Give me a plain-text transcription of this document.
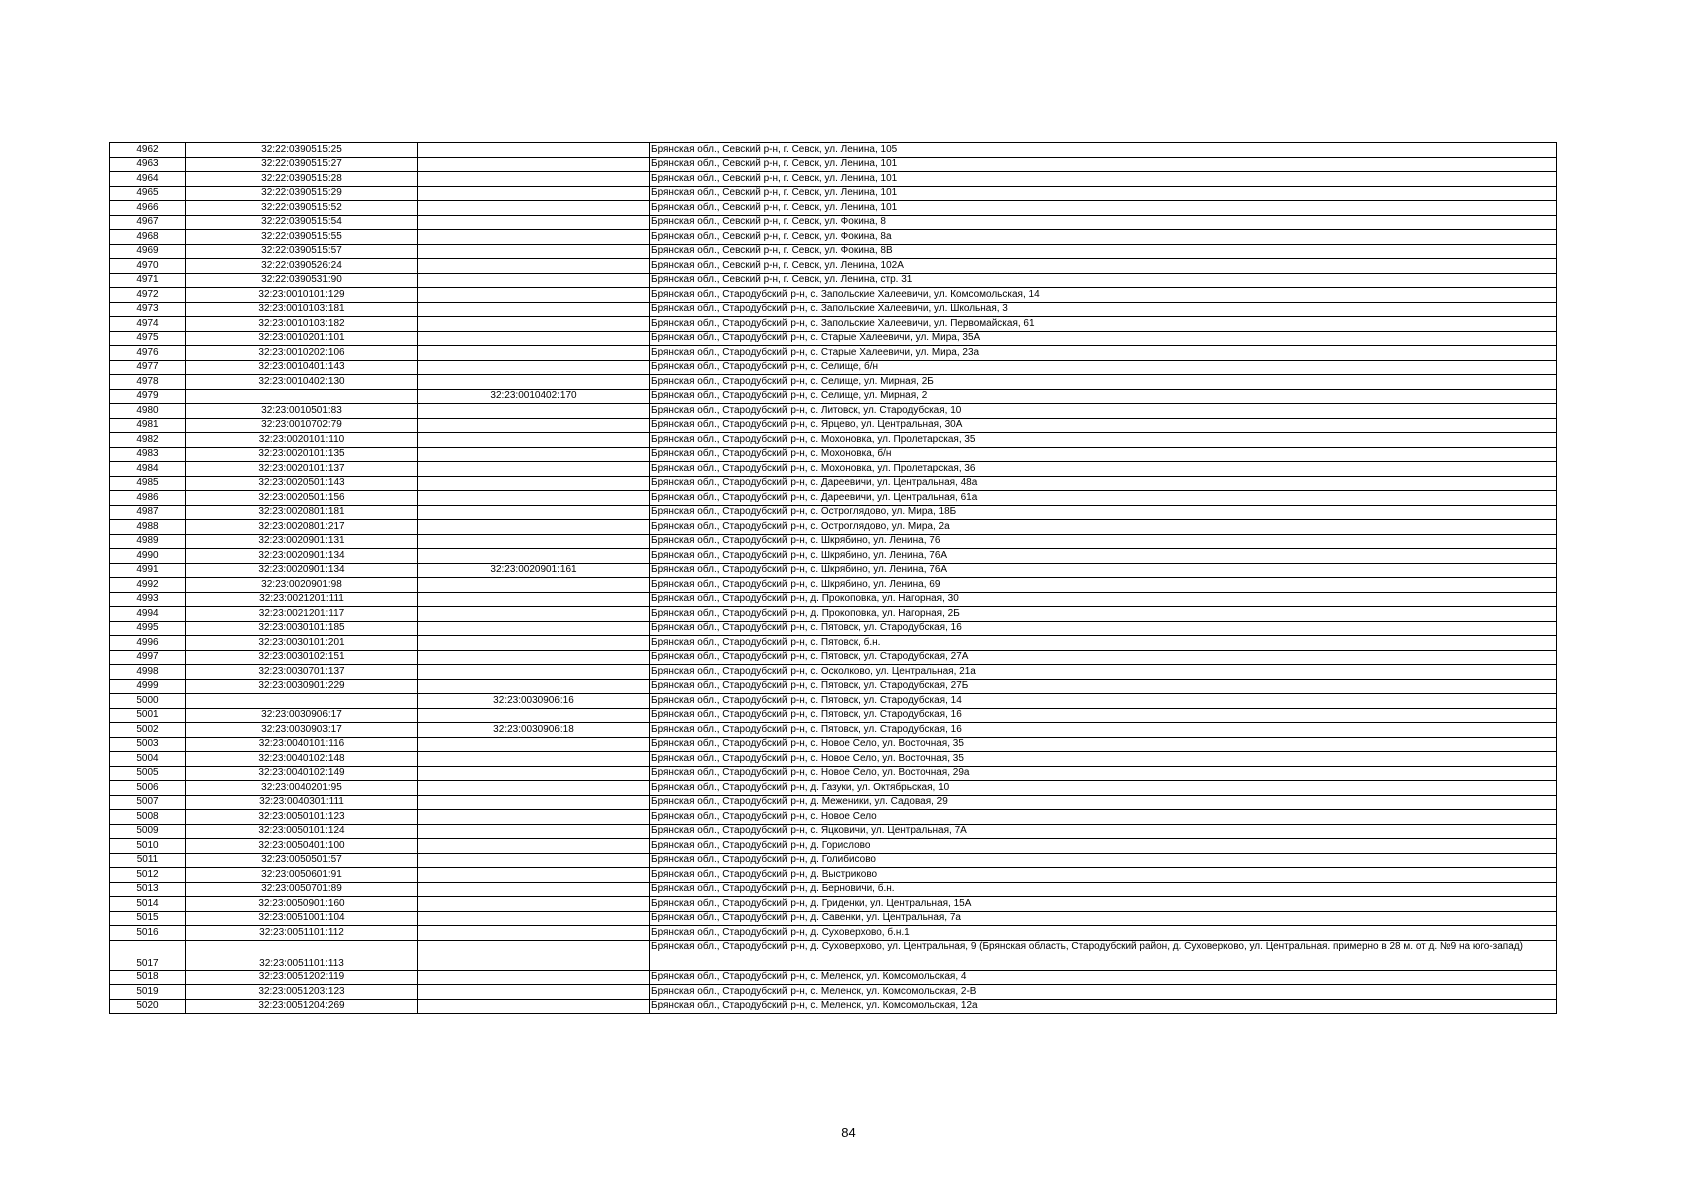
4962	32:22:0390515:25		Брянская обл., Севский р-н, г. Севск, ул. Ленина, 105
4963	32:22:0390515:27		Брянская обл., Севский р-н, г. Севск, ул. Ленина, 101
4964	32:22:0390515:28		Брянская обл., Севский р-н, г. Севск, ул. Ленина, 101
4965	32:22:0390515:29		Брянская обл., Севский р-н, г. Севск, ул. Ленина, 101
4966	32:22:0390515:52		Брянская обл., Севский р-н, г. Севск, ул. Ленина, 101
4967	32:22:0390515:54		Брянская обл., Севский р-н, г. Севск, ул. Фокина, 8
4968	32:22:0390515:55		Брянская обл., Севский р-н, г. Севск, ул. Фокина, 8а
4969	32:22:0390515:57		Брянская обл., Севский р-н, г. Севск, ул. Фокина, 8В
4970	32:22:0390526:24		Брянская обл., Севский р-н, г. Севск, ул. Ленина, 102А
4971	32:22:0390531:90		Брянская обл., Севский р-н, г. Севск, ул. Ленина, стр. 31
4972	32:23:0010101:129		Брянская обл., Стародубский р-н, с. Запольские Халеевичи, ул. Комсомольская, 14
4973	32:23:0010103:181		Брянская обл., Стародубский р-н, с. Запольские Халеевичи, ул. Школьная, 3
4974	32:23:0010103:182		Брянская обл., Стародубский р-н, с. Запольские Халеевичи, ул. Первомайская, 61
4975	32:23:0010201:101		Брянская обл., Стародубский р-н, с. Старые Халеевичи, ул. Мира, 35А
4976	32:23:0010202:106		Брянская обл., Стародубский р-н, с. Старые Халеевичи, ул. Мира, 23а
4977	32:23:0010401:143		Брянская обл., Стародубский р-н, с. Селище, б/н
4978	32:23:0010402:130		Брянская обл., Стародубский р-н, с. Селище, ул. Мирная, 2Б
4979		32:23:0010402:170	Брянская обл., Стародубский р-н, с. Селище, ул. Мирная, 2
4980	32:23:0010501:83		Брянская обл., Стародубский р-н, с. Литовск, ул. Стародубская, 10
4981	32:23:0010702:79		Брянская обл., Стародубский р-н, с. Ярцево, ул. Центральная, 30А
4982	32:23:0020101:110		Брянская обл., Стародубский р-н, с. Мохоновка, ул. Пролетарская, 35
4983	32:23:0020101:135		Брянская обл., Стародубский р-н, с. Мохоновка, б/н
4984	32:23:0020101:137		Брянская обл., Стародубский р-н, с. Мохоновка, ул. Пролетарская, 36
4985	32:23:0020501:143		Брянская обл., Стародубский р-н, с. Дареевичи, ул. Центральная, 48а
4986	32:23:0020501:156		Брянская обл., Стародубский р-н, с. Дареевичи, ул. Центральная, 61а
4987	32:23:0020801:181		Брянская обл., Стародубский р-н, с. Остроглядово, ул. Мира, 18Б
4988	32:23:0020801:217		Брянская обл., Стародубский р-н, с. Остроглядово, ул. Мира, 2а
4989	32:23:0020901:131		Брянская обл., Стародубский р-н, с. Шкрябино, ул. Ленина, 76
4990	32:23:0020901:134		Брянская обл., Стародубский р-н, с. Шкрябино, ул. Ленина, 76А
4991	32:23:0020901:134	32:23:0020901:161	Брянская обл., Стародубский р-н, с. Шкрябино, ул. Ленина, 76А
4992	32:23:0020901:98		Брянская обл., Стародубский р-н, с. Шкрябино, ул. Ленина, 69
4993	32:23:0021201:111		Брянская обл., Стародубский р-н, д. Прокоповка, ул. Нагорная, 30
4994	32:23:0021201:117		Брянская обл., Стародубский р-н, д. Прокоповка, ул. Нагорная, 2Б
4995	32:23:0030101:185		Брянская обл., Стародубский р-н, с. Пятовск, ул. Стародубская, 16
4996	32:23:0030101:201		Брянская обл., Стародубский р-н, с. Пятовск, б.н.
4997	32:23:0030102:151		Брянская обл., Стародубский р-н, с. Пятовск, ул. Стародубская, 27А
4998	32:23:0030701:137		Брянская обл., Стародубский р-н, с. Осколково, ул. Центральная, 21а
4999	32:23:0030901:229		Брянская обл., Стародубский р-н, с. Пятовск, ул. Стародубская, 27Б
5000		32:23:0030906:16	Брянская обл., Стародубский р-н, с. Пятовск, ул. Стародубская, 14
5001	32:23:0030906:17		Брянская обл., Стародубский р-н, с. Пятовск, ул. Стародубская, 16
5002	32:23:0030903:17	32:23:0030906:18	Брянская обл., Стародубский р-н, с. Пятовск, ул. Стародубская, 16
5003	32:23:0040101:116		Брянская обл., Стародубский р-н, с. Новое Село, ул. Восточная, 35
5004	32:23:0040102:148		Брянская обл., Стародубский р-н, с. Новое Село, ул. Восточная, 35
5005	32:23:0040102:149		Брянская обл., Стародубский р-н, с. Новое Село, ул. Восточная, 29а
5006	32:23:0040201:95		Брянская обл., Стародубский р-н, д. Газуки, ул. Октябрьская, 10
5007	32:23:0040301:111		Брянская обл., Стародубский р-н, д. Меженики, ул. Садовая, 29
5008	32:23:0050101:123		Брянская обл., Стародубский р-н, с. Новое Село
5009	32:23:0050101:124		Брянская обл., Стародубский р-н, с. Яцковичи, ул. Центральная, 7А
5010	32:23:0050401:100		Брянская обл., Стародубский р-н, д. Горислово
5011	32:23:0050501:57		Брянская обл., Стародубский р-н, д. Голибисово
5012	32:23:0050601:91		Брянская обл., Стародубский р-н, д. Выстриково
5013	32:23:0050701:89		Брянская обл., Стародубский р-н, д. Берновичи, б.н.
5014	32:23:0050901:160		Брянская обл., Стародубский р-н, д. Гриденки, ул. Центральная, 15А
5015	32:23:0051001:104		Брянская обл., Стародубский р-н, д. Савенки, ул. Центральная, 7а
5016	32:23:0051101:112		Брянская обл., Стародубский р-н, д. Суховерхово, б.н.1
5017	32:23:0051101:113		Брянская обл., Стародубский р-н, д. Суховерхово, ул. Центральная, 9 (Брянская область, Стародубский район, д. Суховерково, ул. Центральная. примерно в 28 м. от д. №9 на юго-запад)
5018	32:23:0051202:119		Брянская обл., Стародубский р-н, с. Меленск, ул. Комсомольская, 4
5019	32:23:0051203:123		Брянская обл., Стародубский р-н, с. Меленск, ул. Комсомольская, 2-В
5020	32:23:0051204:269		Брянская обл., Стародубский р-н, с. Меленск, ул. Комсомольская, 12а
84
